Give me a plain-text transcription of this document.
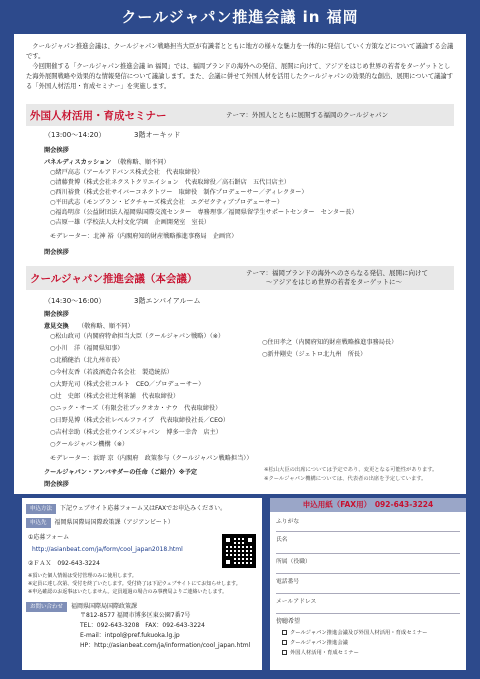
クールジャパン推進会議 in 福岡

　クールジャパン推進会議は、クールジャパン戦略担当大臣が有識者とともに地方の様々な魅力を一体的に発信していく方策などについて議論する会議です。

　今回開催する「クールジャパン推進会議 in 福岡」では、福岡ブランドの海外への発信、展開に向けて、アジアをはじめ世界の若者をターゲットとした海外展開戦略や効果的な情報発信について議論します。また、会議に併せて外国人材を活用したクールジャパンの効果的な創出、展開について議論する「外国人材活用・育成セミナー」を実施します。

外国人材活用・育成セミナー	テーマ：外国人とともに展開する福岡のクールジャパン
（13:00〜14:20）	3階オーキッド
開会挨拶
パネルディスカッション （敬称略、順不同）
○緒戸高志（アールアドバンス株式会社　代表取締役）
○清藤貴博（株式会社ネクストクリエイション　代表取締役／高石餅店　五代目店主）
○西川裕貴（株式会社サイバーコネクトツー　取締役　制作プロデューサー／ディレクター）
○平田武志（モンブラン・ピクチャーズ株式会社　エグゼクティブプロデューサー）
○福島明彦（公益財団法人福岡県国際交流センター　専務理事／福岡県留学生サポートセンター　センター長）
○吉原一雄（学校法人大村文化学園　企画開発室　室長）
モデレーター：北神 裕（内閣府知的財産戦略推進事務局　企画官）
閉会挨拶
クールジャパン推進会議（本会議）	テーマ：福岡ブランドの海外へのさらなる発信、展開に向けて
〜アジアをはじめ世界の若者をターゲットに〜
（14:30〜16:00）	3階エンパイアルーム
開会挨拶
意見交換 （敬称略、順不同）
○松山政司（内閣府特命担当大臣（クールジャパン戦略）（※）
○小川　洋（福岡県知事）
○北橋健治（北九州市長）
○今村友香（若波酒造合名会社　製造統括）
○大野光司（株式会社コルト　CEO／プロデューサー）
○辻　史郎（株式会社辻利茶舗　代表取締役）
○ニック・サーズ（有限会社ブックオカ・ナウ　代表取締役）
○日野晃博（株式会社レベルファイブ　代表取締役社長／CEO）
○吉村幸助（株式会社ウインズジャパン　博多一幸舎　店主）
○クールジャパン機構（※）
○住田孝之（内閣府知的財産戦略推進事務局長）
○新井剛史（ジェトロ北九州　所長）
モデレーター：浜野 京（内閣府　政策参与（クールジャパン戦略担当））
クールジャパン・アンバサダーの任命（ご紹介）※予定
閉会挨拶
※松山大臣の出席については予定であり、変更となる可能性があります。
※クールジャパン機構については、代表者の出席を予定しています。
申込方法 下記ウェブサイト応募フォーム又はFAXでお申込みください。
申込先 福岡県国際局国際政策課（アジアンビート）
①応募フォーム
http://asianbeat.com/ja/form/cool_japan2018.html
②ＦＡＸ　092-643-3224
※頂いた個人情報は受付管理のみに使用します。
※定員に達し次第、受付を終了いたします。受付終了は下記ウェブサイトにてお知らせします。
※申込確認のお返事はいたしません。定員超過の場合のみ事務局よりご連絡いたします。
お問い合わせ 福岡県国際局国際政策課
〒812-8577 福岡市博多区東公園7番7号
TEL：092-643-3208　FAX：092-643-3224
E-mail：intpol@pref.fukuoka.lg.jp
HP：http://asianbeat.com/ja/information/cool_japan.html
申込用紙（FAX用）　092-643-3224
ふりがな
氏名
所属（役職）
電話番号
メールアドレス
傍聴希望
クールジャパン推進会議及び外国人材活用・育成セミナー
クールジャパン推進会議
外国人材活用・育成セミナー
